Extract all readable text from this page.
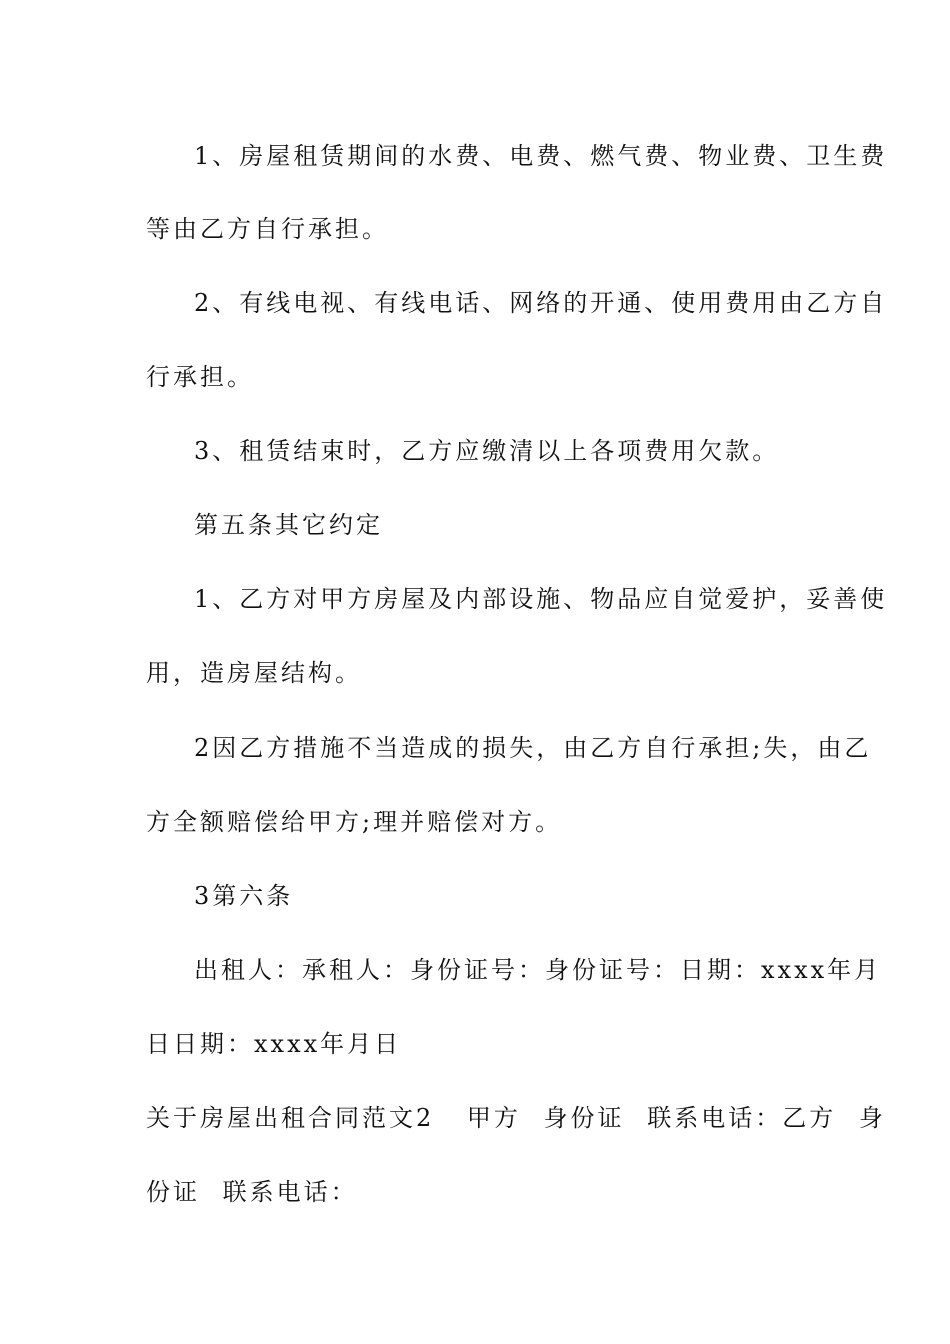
1、房屋租赁期间的水费、电费、燃气费、物业费、卫生费
等由乙方自行承担。
2、有线电视、有线电话、网络的开通、使用费用由乙方自
行承担。
3、租赁结束时，乙方应缴清以上各项费用欠款。
第五条其它约定
1、乙方对甲方房屋及内部设施、物品应自觉爱护，妥善使
用，造房屋结构。
2因乙方措施不当造成的损失，由乙方自行承担;失，由乙
方全额赔偿给甲方;理并赔偿对方。
3第六条
出租人：承租人：身份证号：身份证号：日期：xxxx年月
日日期：xxxx年月日
关于房屋出租合同范文2 甲方 身份证 联系电话：乙方 身
份证 联系电话：
